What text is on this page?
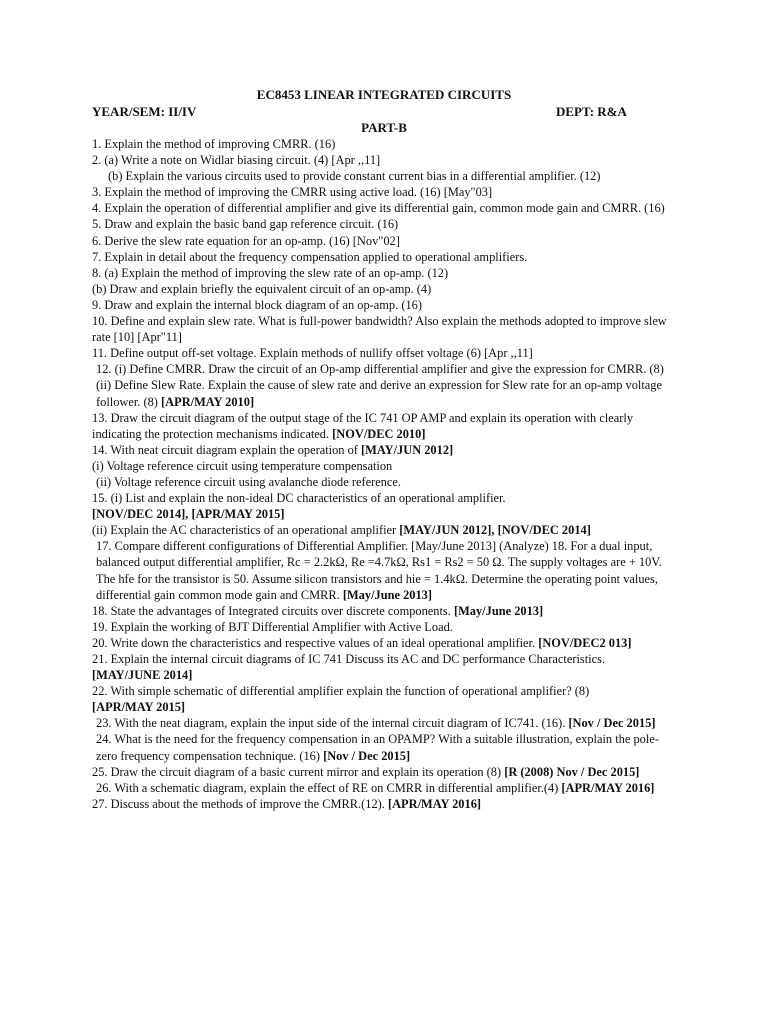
EC8453 LINEAR INTEGRATED CIRCUITS
YEAR/SEM: II/IV	DEPT: R&A
PART-B

1. Explain the method of improving CMRR. (16)

2. (a) Write a note on Widlar biasing circuit. (4) [Apr ,,11]

(b) Explain the various circuits used to provide constant current bias in a differential amplifier. (12)

3. Explain the method of improving the CMRR using active load. (16) [May"03]

4. Explain the operation of differential amplifier and give its differential gain, common mode gain and CMRR. (16)

5. Draw and explain the basic band gap reference circuit. (16)

6. Derive the slew rate equation for an op-amp. (16) [Nov"02]

7. Explain in detail about the frequency compensation applied to operational amplifiers.

8. (a) Explain the method of improving the slew rate of an op-amp. (12)

(b) Draw and explain briefly the equivalent circuit of an op-amp. (4)

9. Draw and explain the internal block diagram of an op-amp. (16)

10. Define and explain slew rate. What is full-power bandwidth? Also explain the methods adopted to improve slew rate [10] [Apr"11]

11. Define output off-set voltage. Explain methods of nullify offset voltage (6) [Apr ,,11]

12. (i) Define CMRR. Draw the circuit of an Op-amp differential amplifier and give the expression for CMRR. (8)

(ii) Define Slew Rate. Explain the cause of slew rate and derive an expression for Slew rate for an op-amp voltage follower. (8) [APR/MAY 2010]

13. Draw the circuit diagram of the output stage of the IC 741 OP AMP and explain its operation with clearly indicating the protection mechanisms indicated. [NOV/DEC 2010]

14. With neat circuit diagram explain the operation of [MAY/JUN 2012]

(i) Voltage reference circuit using temperature compensation

(ii) Voltage reference circuit using avalanche diode reference.

15. (i) List and explain the non-ideal DC characteristics of an operational amplifier.

[NOV/DEC 2014], [APR/MAY 2015]

(ii) Explain the AC characteristics of an operational amplifier [MAY/JUN 2012], [NOV/DEC 2014]

17. Compare different configurations of Differential Amplifier. [May/June 2013] (Analyze) 18. For a dual input, balanced output differential amplifier, Rc = 2.2kΩ, Re =4.7kΩ, Rs1 = Rs2 = 50 Ω. The supply voltages are + 10V. The hfe for the transistor is 50. Assume silicon transistors and hie = 1.4kΩ. Determine the operating point values, differential gain common mode gain and CMRR. [May/June 2013]

18. State the advantages of Integrated circuits over discrete components. [May/June 2013]

19. Explain the working of BJT Differential Amplifier with Active Load.

20. Write down the characteristics and respective values of an ideal operational amplifier. [NOV/DEC2 013]

21. Explain the internal circuit diagrams of IC 741 Discuss its AC and DC performance Characteristics.

[MAY/JUNE 2014]

22. With simple schematic of differential amplifier explain the function of operational amplifier? (8)

[APR/MAY 2015]

23. With the neat diagram, explain the input side of the internal circuit diagram of IC741. (16). [Nov / Dec 2015]

24. What is the need for the frequency compensation in an OPAMP? With a suitable illustration, explain the pole-zero frequency compensation technique. (16) [Nov / Dec 2015]

25. Draw the circuit diagram of a basic current mirror and explain its operation (8) [R (2008) Nov / Dec 2015]

26. With a schematic diagram, explain the effect of RE on CMRR in differential amplifier.(4) [APR/MAY 2016]

27. Discuss about the methods of improve the CMRR.(12). [APR/MAY 2016]
